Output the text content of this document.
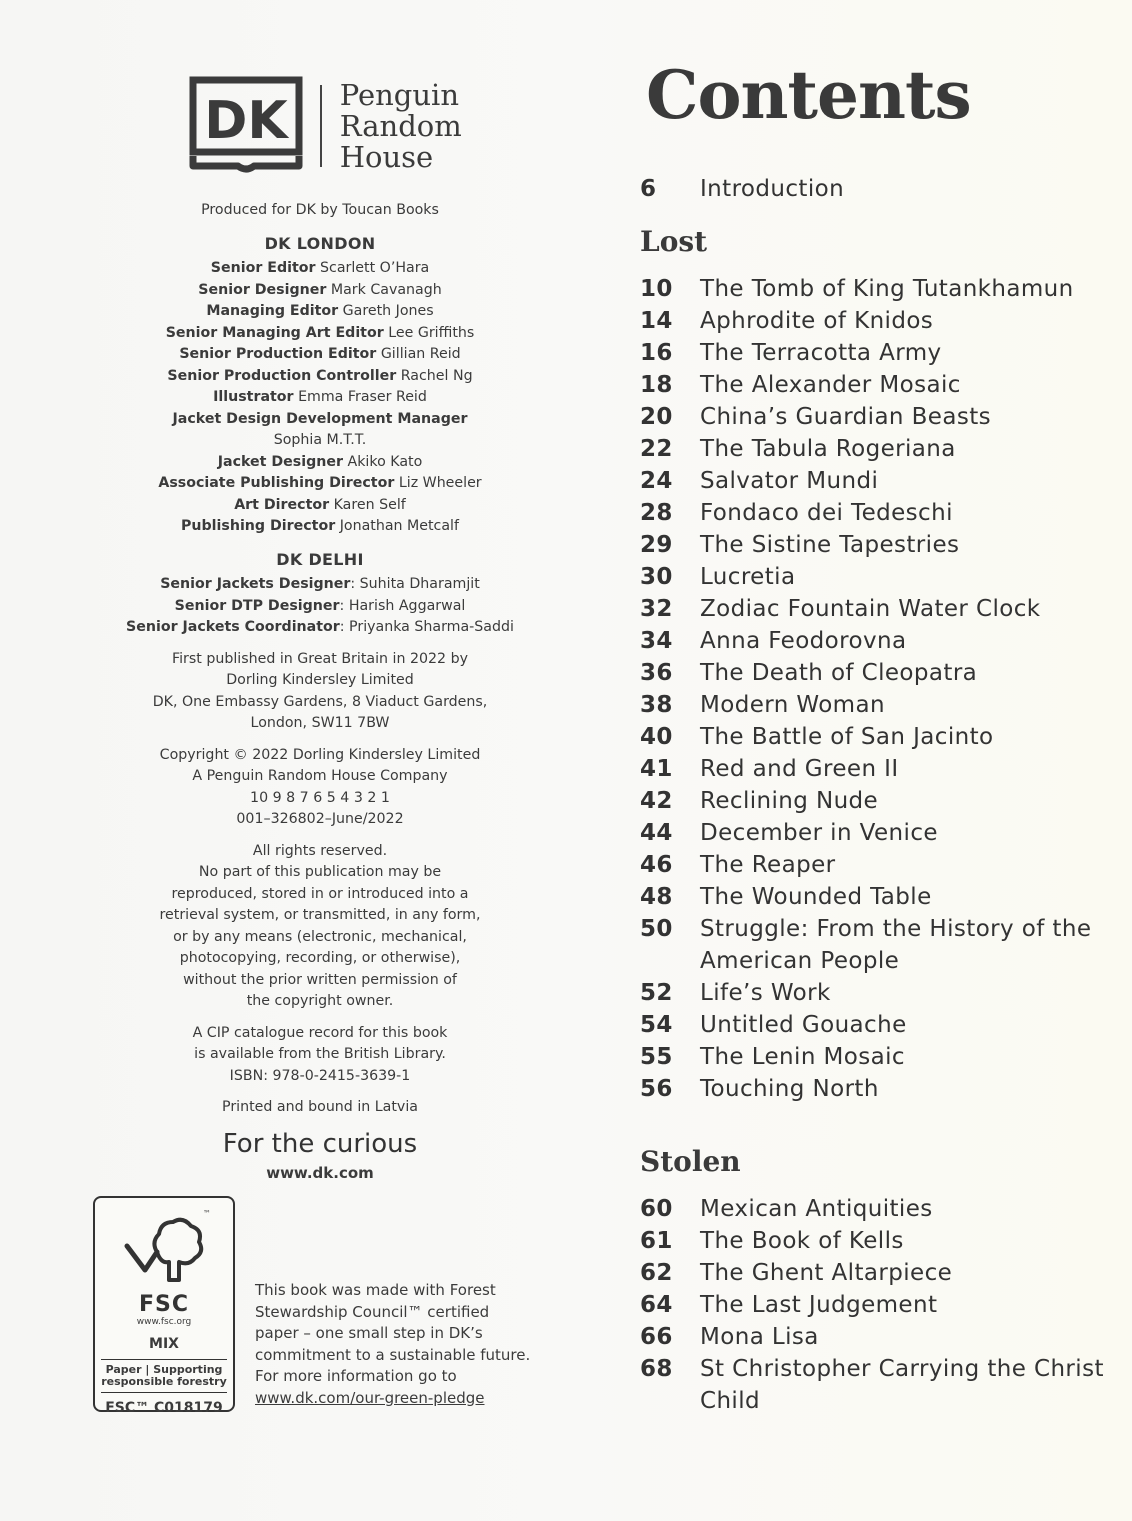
DK Penguin
Random
House
Produced for DK by Toucan Books
DK LONDON
Senior Editor Scarlett O’Hara
Senior Designer Mark Cavanagh
Managing Editor Gareth Jones
Senior Managing Art Editor Lee Griffiths
Senior Production Editor Gillian Reid
Senior Production Controller Rachel Ng
Illustrator Emma Fraser Reid
Jacket Design Development Manager
Sophia M.T.T.
Jacket Designer Akiko Kato
Associate Publishing Director Liz Wheeler
Art Director Karen Self
Publishing Director Jonathan Metcalf
DK DELHI
Senior Jackets Designer: Suhita Dharamjit
Senior DTP Designer: Harish Aggarwal
Senior Jackets Coordinator: Priyanka Sharma-Saddi
First published in Great Britain in 2022 by
Dorling Kindersley Limited
DK, One Embassy Gardens, 8 Viaduct Gardens,
London, SW11 7BW
Copyright © 2022 Dorling Kindersley Limited
A Penguin Random House Company
10 9 8 7 6 5 4 3 2 1
001–326802–June/2022
All rights reserved.
No part of this publication may be
reproduced, stored in or introduced into a
retrieval system, or transmitted, in any form,
or by any means (electronic, mechanical,
photocopying, recording, or otherwise),
without the prior written permission of
the copyright owner.
A CIP catalogue record for this book
is available from the British Library.
ISBN: 978-0-2415-3639-1
Printed and bound in Latvia
For the curious
www.dk.com
™
FSC
www.fsc.org
MIX
Paper | Supporting
responsible forestry
FSC™ C018179
This book was made with Forest
Stewardship Council™ certified
paper – one small step in DK’s
commitment to a sustainable future.
For more information go to
www.dk.com/our-green-pledge
Contents
6	Introduction
Lost
10	The Tomb of King Tutankhamun
14	Aphrodite of Knidos
16	The Terracotta Army
18	The Alexander Mosaic
20	China’s Guardian Beasts
22	The Tabula Rogeriana
24	Salvator Mundi
28	Fondaco dei Tedeschi
29	The Sistine Tapestries
30	Lucretia
32	Zodiac Fountain Water Clock
34	Anna Feodorovna
36	The Death of Cleopatra
38	Modern Woman
40	The Battle of San Jacinto
41	Red and Green II
42	Reclining Nude
44	December in Venice
46	The Reaper
48	The Wounded Table
50	Struggle: From the History of the American People
52	Life’s Work
54	Untitled Gouache
55	The Lenin Mosaic
56	Touching North
Stolen
60	Mexican Antiquities
61	The Book of Kells
62	The Ghent Altarpiece
64	The Last Judgement
66	Mona Lisa
68	St Christopher Carrying the Christ Child
